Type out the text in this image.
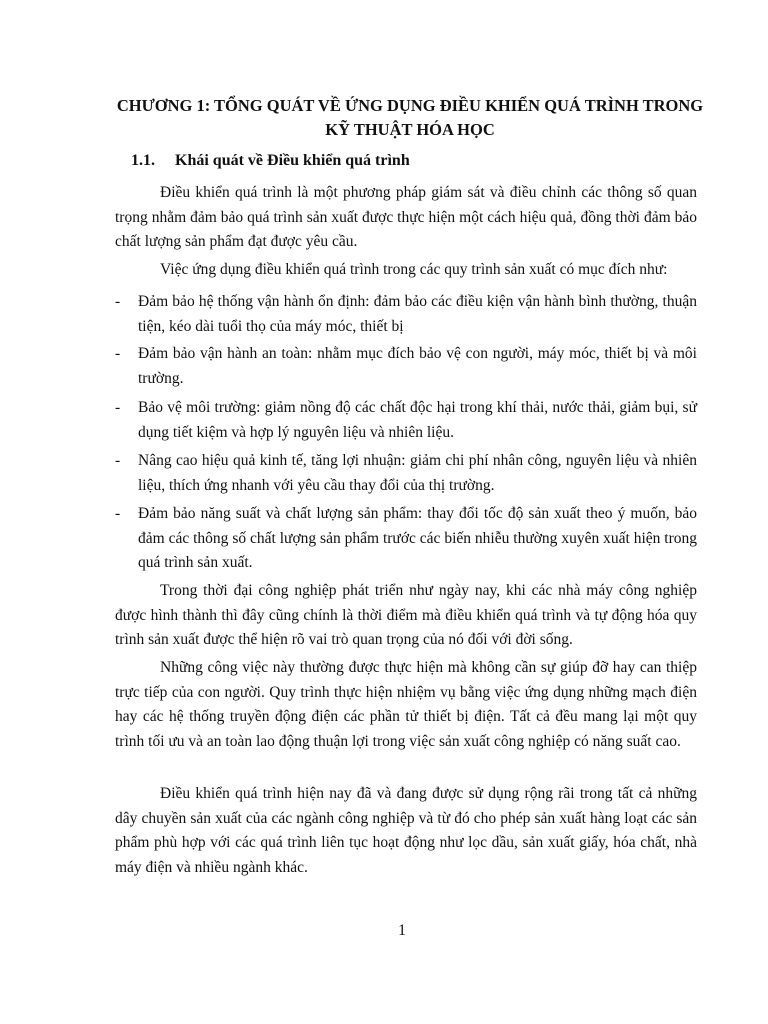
CHƯƠNG 1: TỔNG QUÁT VỀ ỨNG DỤNG ĐIỀU KHIỂN QUÁ TRÌNH TRONG
KỸ THUẬT HÓA HỌC
1.1. Khái quát về Điều khiển quá trình
Điều khiển quá trình là một phương pháp giám sát và điều chỉnh các thông số quan trọng nhằm đảm bảo quá trình sản xuất được thực hiện một cách hiệu quả, đồng thời đảm bảo chất lượng sản phẩm đạt được yêu cầu.
Việc ứng dụng điều khiển quá trình trong các quy trình sản xuất có mục đích như:
- Đảm bảo hệ thống vận hành ổn định: đảm bảo các điều kiện vận hành bình thường, thuận tiện, kéo dài tuổi thọ của máy móc, thiết bị
- Đảm bảo vận hành an toàn: nhằm mục đích bảo vệ con người, máy móc, thiết bị và môi trường.
- Bảo vệ môi trường: giảm nồng độ các chất độc hại trong khí thải, nước thải, giảm bụi, sử dụng tiết kiệm và hợp lý nguyên liệu và nhiên liệu.
- Nâng cao hiệu quả kinh tế, tăng lợi nhuận: giảm chi phí nhân công, nguyên liệu và nhiên liệu, thích ứng nhanh với yêu cầu thay đổi của thị trường.
- Đảm bảo năng suất và chất lượng sản phẩm: thay đổi tốc độ sản xuất theo ý muốn, bảo đảm các thông số chất lượng sản phẩm trước các biến nhiễu thường xuyên xuất hiện trong quá trình sản xuất.
Trong thời đại công nghiệp phát triển như ngày nay, khi các nhà máy công nghiệp được hình thành thì đây cũng chính là thời điểm mà điều khiển quá trình và tự động hóa quy trình sản xuất được thể hiện rõ vai trò quan trọng của nó đối với đời sống.
Những công việc này thường được thực hiện mà không cần sự giúp đỡ hay can thiệp trực tiếp của con người. Quy trình thực hiện nhiệm vụ bằng việc ứng dụng những mạch điện hay các hệ thống truyền động điện các phần tử thiết bị điện. Tất cả đều mang lại một quy trình tối ưu và an toàn lao động thuận lợi trong việc sản xuất công nghiệp có năng suất cao.
Điều khiển quá trình hiện nay đã và đang được sử dụng rộng rãi trong tất cả những dây chuyền sản xuất của các ngành công nghiệp và từ đó cho phép sản xuất hàng loạt các sản phẩm phù hợp với các quá trình liên tục hoạt động như lọc dầu, sản xuất giấy, hóa chất, nhà máy điện và nhiều ngành khác.
1
